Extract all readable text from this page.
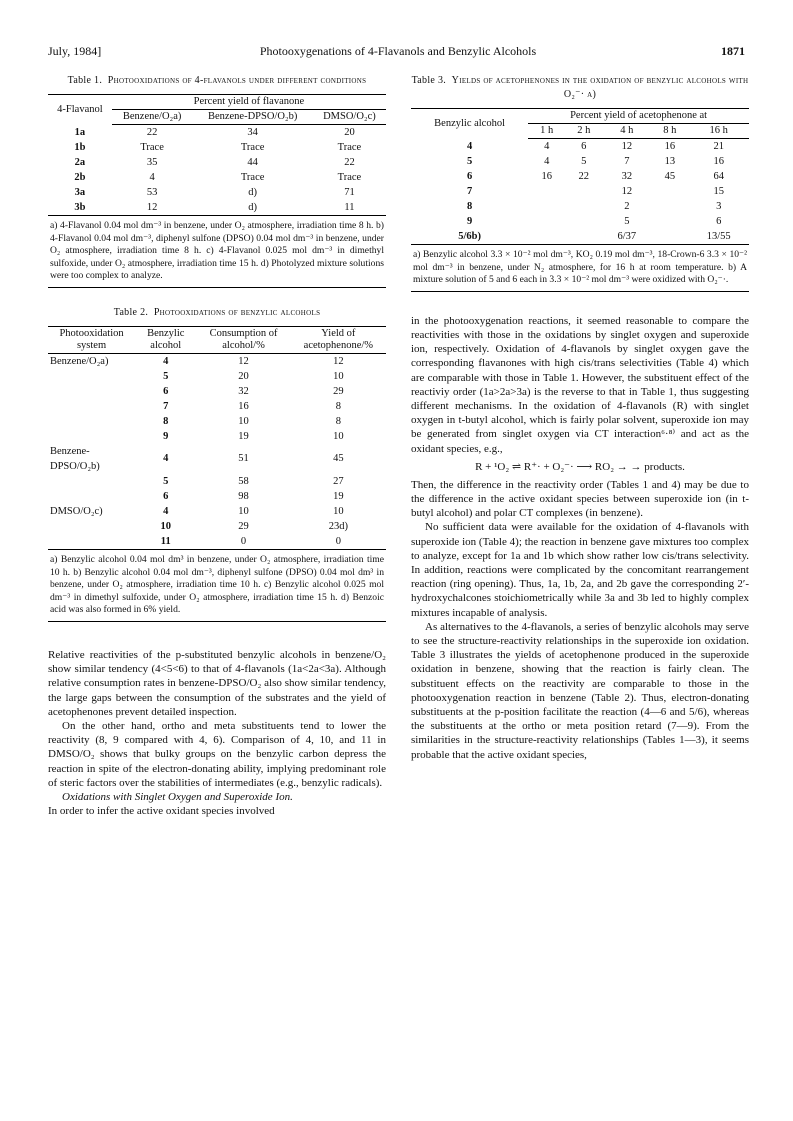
July, 1984]	Photooxygenations of 4-Flavanols and Benzylic Alcohols	1871
Table 1. Photooxidations of 4-flavanols under different conditions
4-Flavanol	Percent yield of flavanone		
	Benzene/O₂a)	Benzene-DPSO/O₂b)	DMSO/O₂c)
1a	22	34	20
1b	Trace	Trace	Trace
2a	35	44	22
2b	4	Trace	Trace
3a	53	d)	71
3b	12	d)	11
a) 4-Flavanol 0.04 mol dm⁻³ in benzene, under O₂ atmosphere, irradiation time 8 h. b) 4-Flavanol 0.04 mol dm⁻³, diphenyl sulfone (DPSO) 0.04 mol dm⁻³ in benzene, under O₂ atmosphere, irradiation time 8 h. c) 4-Flavanol 0.025 mol dm⁻³ in dimethyl sulfoxide, under O₂ atmosphere, irradiation time 15 h. d) Photolyzed mixture solutions were too complex to analyze.
Table 2. Photooxidations of benzylic alcohols
Photooxidation system	Benzylic alcohol	Consumption of alcohol/%	Yield of acetophenone/%
Benzene/O₂a)	4	12	12
	5	20	10
	6	32	29
	7	16	8
	8	10	8
	9	19	10
Benzene-DPSO/O₂b)	4	51	45
	5	58	27
	6	98	19
DMSO/O₂c)	4	10	10
	10	29	23d)
	11	0	0
a) Benzylic alcohol 0.04 mol dm³ in benzene, under O₂ atmosphere, irradiation time 10 h. b) Benzylic alcohol 0.04 mol dm⁻³, diphenyl sulfone (DPSO) 0.04 mol dm³ in benzene, under O₂ atmosphere, irradiation time 10 h. c) Benzylic alcohol 0.025 mol dm⁻³ in dimethyl sulfoxide, under O₂ atmosphere, irradiation time 15 h. d) Benzoic acid was also formed in 6% yield.

Relative reactivities of the p-substituted benzylic alcohols in benzene/O₂ show similar tendency (4<5<6) to that of 4-flavanols (1a<2a<3a). Although relative consumption rates in benzene-DPSO/O₂ also show similar tendency, the large gaps between the consumption of the substrates and the yield of acetophenones prevent detailed inspection.

On the other hand, ortho and meta substituents tend to lower the reactivity (8, 9 compared with 4, 6). Comparison of 4, 10, and 11 in DMSO/O₂ shows that bulky groups on the benzylic carbon depress the reaction in spite of the electron-donating ability, implying predominant role of steric factors over the stabilities of intermediates (e.g., benzylic radicals).

Oxidations with Singlet Oxygen and Superoxide Ion.

In order to infer the active oxidant species involved

Table 3. Yields of acetophenones in the oxidation of benzylic alcohols with O₂⁻· a)
Benzylic alcohol	Percent yield of acetophenone at				
	1 h	2 h	4 h	8 h	16 h
4	4	6	12	16	21
5	4	5	7	13	16
6	16	22	32	45	64
7			12		15
8			2		3
9			5		6
5/6b)			6/37		13/55
a) Benzylic alcohol 3.3 × 10⁻² mol dm⁻³, KO₂ 0.19 mol dm⁻³, 18-Crown-6 3.3 × 10⁻² mol dm⁻³ in benzene, under N₂ atmosphere, for 16 h at room temperature. b) A mixture solution of 5 and 6 each in 3.3 × 10⁻² mol dm⁻³ were oxidized with O₂⁻·.

in the photooxygenation reactions, it seemed reasonable to compare the reactivities with those in the oxidations by singlet oxygen and superoxide ion, respectively. Oxidation of 4-flavanols by singlet oxygen gave the corresponding flavanones with high cis/trans selectivities (Table 4) which are comparable with those in Table 1. However, the substituent effect of the reactiviy order (1a>2a>3a) is the reverse to that in Table 1, thus suggesting different mechanisms. In the oxidation of 4-flavanols (R) with singlet oxygen in t-butyl alcohol, which is fairly polar solvent, superoxide ion may be generated from singlet oxygen via CT interaction⁶·⁸⁾ and act as the oxidant species, e.g.,

R + ¹O₂ ⇌ R⁺· + O₂⁻· ⟶ RO₂ → → products.

Then, the difference in the reactivity order (Tables 1 and 4) may be due to the difference in the active oxidant species between superoxide ion (in t-butyl alcohol) and polar CT complexes (in benzene).

No sufficient data were available for the oxidation of 4-flavanols with superoxide ion (Table 4); the reaction in benzene gave mixtures too complex to analyze, except for 1a and 1b which show rather low cis/trans selectivity. In addition, reactions were complicated by the concomitant rearrangement reaction (ring opening). Thus, 1a, 1b, 2a, and 2b gave the corresponding 2′-hydroxychalcones stoichiometrically while 3a and 3b led to highly complex mixtures incapable of analysis.

As alternatives to the 4-flavanols, a series of benzylic alcohols may serve to see the structure-reactivity relationships in the superoxide ion oxidation. Table 3 illustrates the yields of acetophenone produced in the superoxide oxidation in benzene, showing that the reaction is fairly clean. The substituent effects on the reactivity are comparable to those in the photooxygenation reaction in benzene (Table 2). Thus, electron-donating substituents at the p-position facilitate the reaction (4—6 and 5/6), whereas the substituents at the ortho or meta position retard (7—9). From the similarities in the structure-reactivity relationships (Tables 1—3), it seems probable that the active oxidant species,
